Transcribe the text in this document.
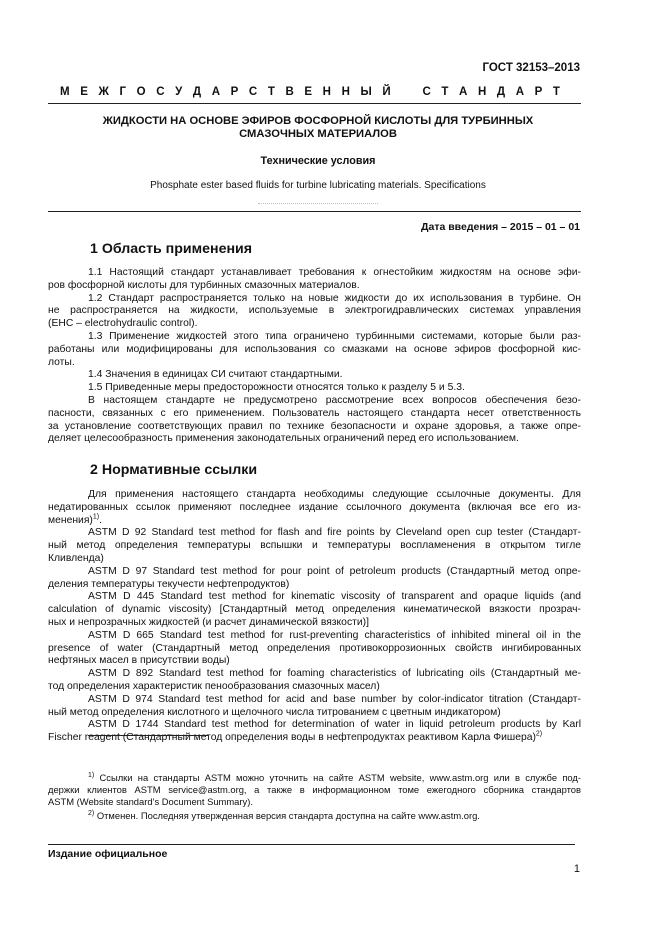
ГОСТ 32153–2013
М Е Ж Г О С У Д А Р С Т В Е Н Н Ы Й	С Т А Н Д А Р Т
ЖИДКОСТИ НА ОСНОВЕ ЭФИРОВ ФОСФОРНОЙ КИСЛОТЫ ДЛЯ ТУРБИННЫХ
СМАЗОЧНЫХ МАТЕРИАЛОВ
Технические условия
Phosphate ester based fluids for turbine lubricating materials. Specifications
Дата введения – 2015 – 01 – 01
1 Область применения
1.1 Настоящий стандарт устанавливает требования к огнестойким жидкостям на основе эфи-
ров фосфорной кислоты для турбинных смазочных материалов.
1.2 Стандарт распространяется только на новые жидкости до их использования в турбине. Он
не распространяется на жидкости, используемые в электрогидравлических системах управления
(EHC – electrohydraulic control).
1.3 Применение жидкостей этого типа ограничено турбинными системами, которые были раз-
работаны или модифицированы для использования со смазками на основе эфиров фосфорной кис-
лоты.
1.4 Значения в единицах СИ считают стандартными.
1.5 Приведенные меры предосторожности относятся только к разделу 5 и 5.3.
В настоящем стандарте не предусмотрено рассмотрение всех вопросов обеспечения безо-
пасности, связанных с его применением. Пользователь настоящего стандарта несет ответственность
за установление соответствующих правил по технике безопасности и охране здоровья, а также опре-
деляет целесообразность применения законодательных ограничений перед его использованием.
2 Нормативные ссылки
Для применения настоящего стандарта необходимы следующие ссылочные документы. Для
недатированных ссылок применяют последнее издание ссылочного документа (включая все его из-
менения)$^{1)}$.
ASTM D 92 Standard test method for flash and fire points by Cleveland open cup tester (Стандарт-
ный метод определения температуры вспышки и температуры воспламенения в открытом тигле
Кливленда)
ASTM D 97 Standard test method for pour point of petroleum products (Стандартный метод опре-
деления температуры текучести нефтепродуктов)
ASTM D 445 Standard test method for kinematic viscosity of transparent and opaque liquids (and
calculation of dynamic viscosity) [Стандартный метод определения кинематической вязкости прозрач-
ных и непрозрачных жидкостей (и расчет динамической вязкости)]
ASTM D 665 Standard test method for rust-preventing characteristics of inhibited mineral oil in the
presence of water (Стандартный метод определения противокоррозионных свойств ингибированных
нефтяных масел в присутствии воды)
ASTM D 892 Standard test method for foaming characteristics of lubricating oils (Стандартный ме-
тод определения характеристик пенообразования смазочных масел)
ASTM D 974 Standard test method for acid and base number by color-indicator titration (Стандарт-
ный метод определения кислотного и щелочного числа титрованием с цветным индикатором)
ASTM D 1744 Standard test method for determination of water in liquid petroleum products by Karl
Fischer reagent (Стандартный метод определения воды в нефтепродуктах реактивом Карла Фишера)$^{2)}$
$^{1)}$ Ссылки на стандарты ASTM можно уточнить на сайте ASTM website, www.astm.org или в службе под-
держки клиентов ASTM service@astm.org, а также в информационном томе ежегодного сборника стандартов
ASTM (Website standard’s Document Summary).
$^{2)}$ Отменен. Последняя утвержденная версия стандарта доступна на сайте www.astm.org.
Издание официальное
1
